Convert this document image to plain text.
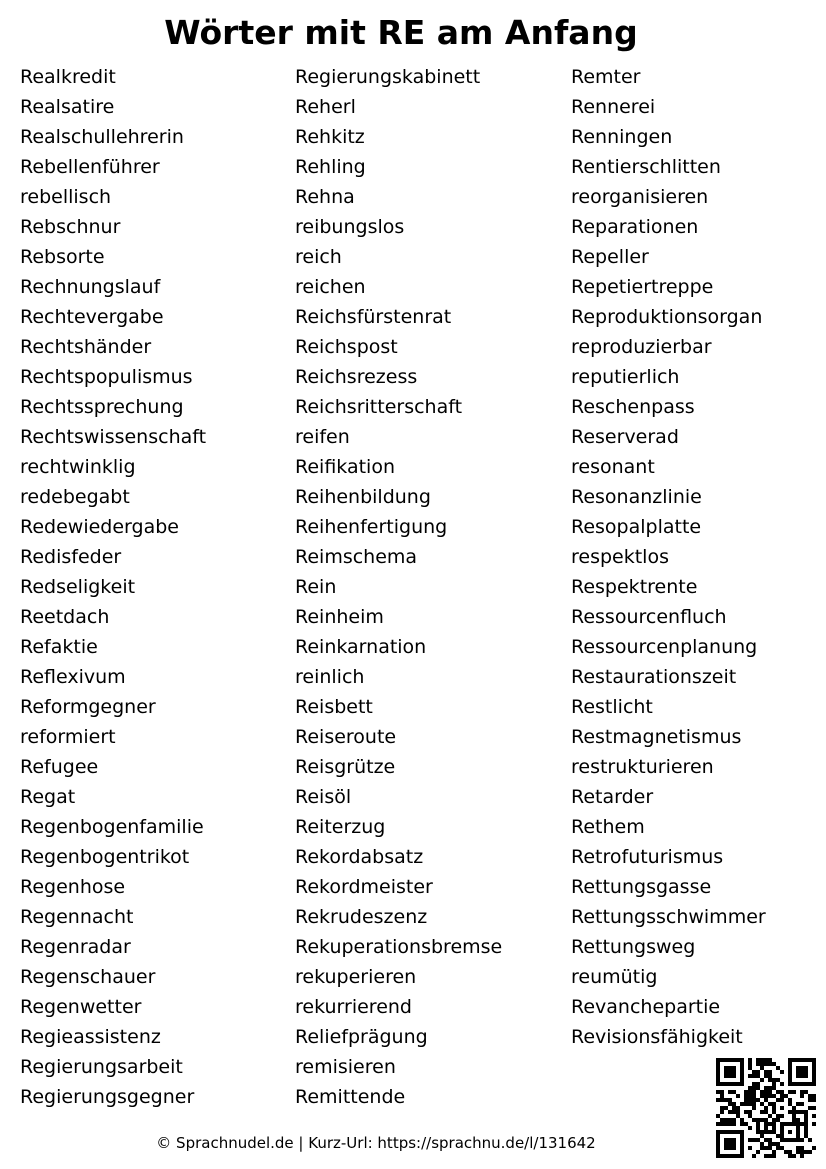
Wörter mit RE am Anfang
Realkredit
Realsatire
Realschullehrerin
Rebellenführer
rebellisch
Rebschnur
Rebsorte
Rechnungslauf
Rechtevergabe
Rechtshänder
Rechtspopulismus
Rechtssprechung
Rechtswissenschaft
rechtwinklig
redebegabt
Redewiedergabe
Redisfeder
Redseligkeit
Reetdach
Refaktie
Reflexivum
Reformgegner
reformiert
Refugee
Regat
Regenbogenfamilie
Regenbogentrikot
Regenhose
Regennacht
Regenradar
Regenschauer
Regenwetter
Regieassistenz
Regierungsarbeit
Regierungsgegner
Regierungskabinett
Reherl
Rehkitz
Rehling
Rehna
reibungslos
reich
reichen
Reichsfürstenrat
Reichspost
Reichsrezess
Reichsritterschaft
reifen
Reifikation
Reihenbildung
Reihenfertigung
Reimschema
Rein
Reinheim
Reinkarnation
reinlich
Reisbett
Reiseroute
Reisgrütze
Reisöl
Reiterzug
Rekordabsatz
Rekordmeister
Rekrudeszenz
Rekuperationsbremse
rekuperieren
rekurrierend
Reliefprägung
remisieren
Remittende
Remter
Rennerei
Renningen
Rentierschlitten
reorganisieren
Reparationen
Repeller
Repetiertreppe
Reproduktionsorgan
reproduzierbar
reputierlich
Reschenpass
Reserverad
resonant
Resonanzlinie
Resopalplatte
respektlos
Respektrente
Ressourcenfluch
Ressourcenplanung
Restaurationszeit
Restlicht
Restmagnetismus
restrukturieren
Retarder
Rethem
Retrofuturismus
Rettungsgasse
Rettungsschwimmer
Rettungsweg
reumütig
Revanchepartie
Revisionsfähigkeit
© Sprachnudel.de | Kurz-Url: https://sprachnu.de/l/131642
